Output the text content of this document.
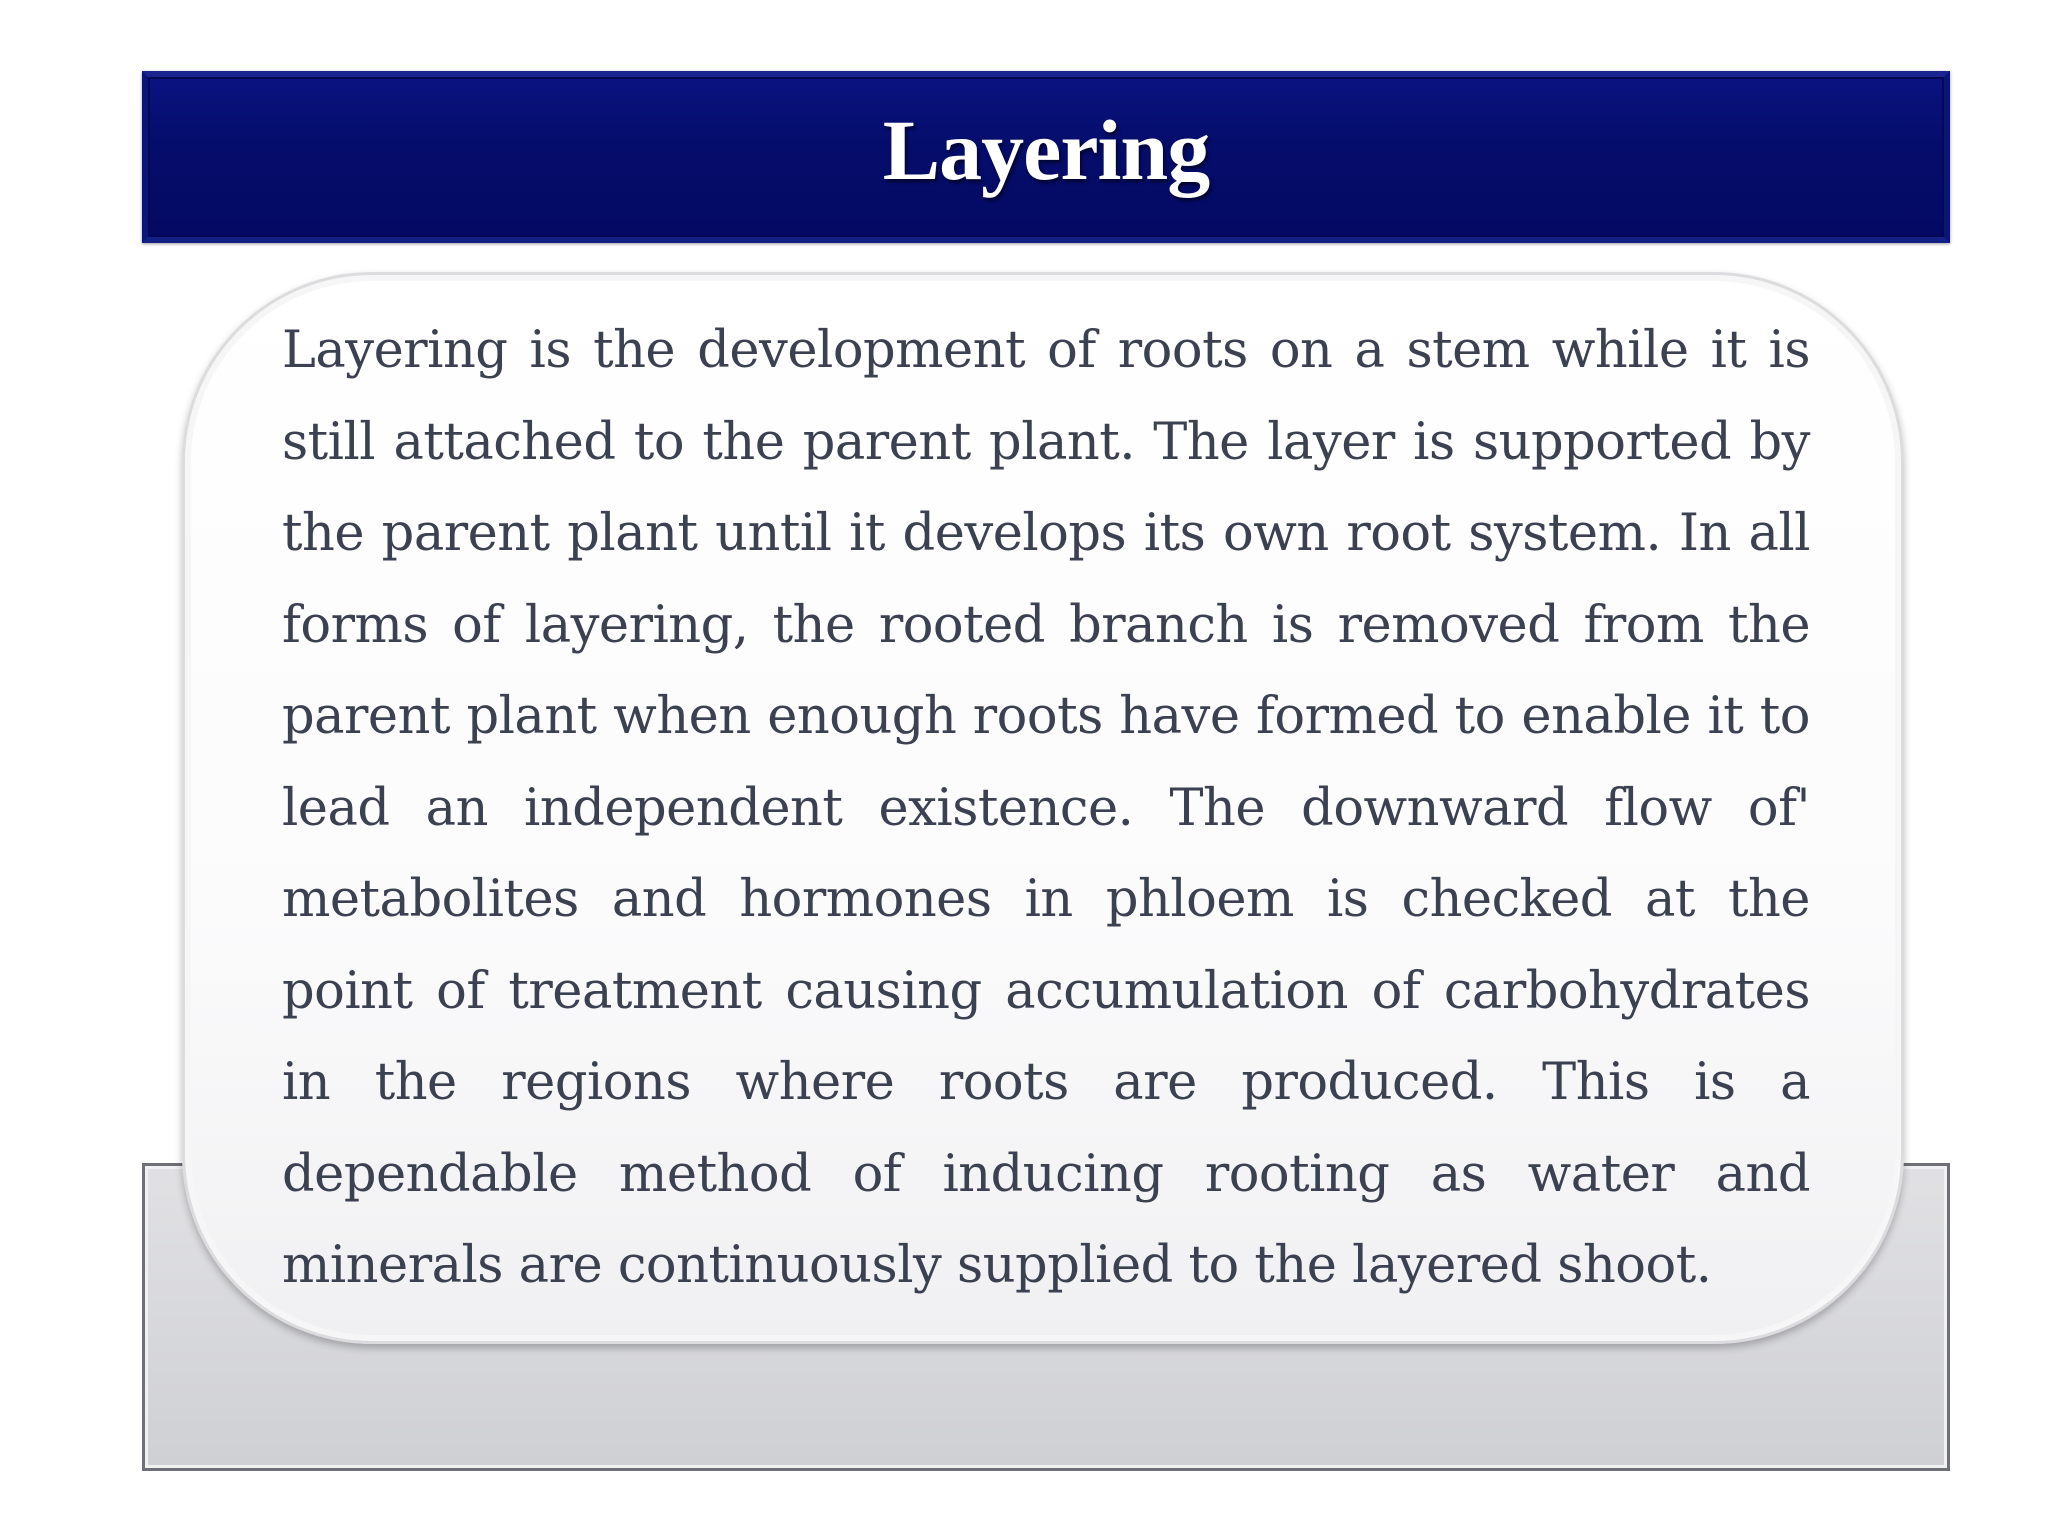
Layering

Layering is the development of roots on a stem while it is still attached to the parent plant. The layer is supported by the parent plant until it develops its own root system. In all forms of layering, the rooted branch is removed from the parent plant when enough roots have formed to enable it to lead an independent existence. The downward flow of' metabolites and hormones in phloem is checked at the point of treatment causing accumulation of carbohydrates in the regions where roots are produced. This is a dependable method of inducing rooting as water and minerals are continuously supplied to the layered shoot.
